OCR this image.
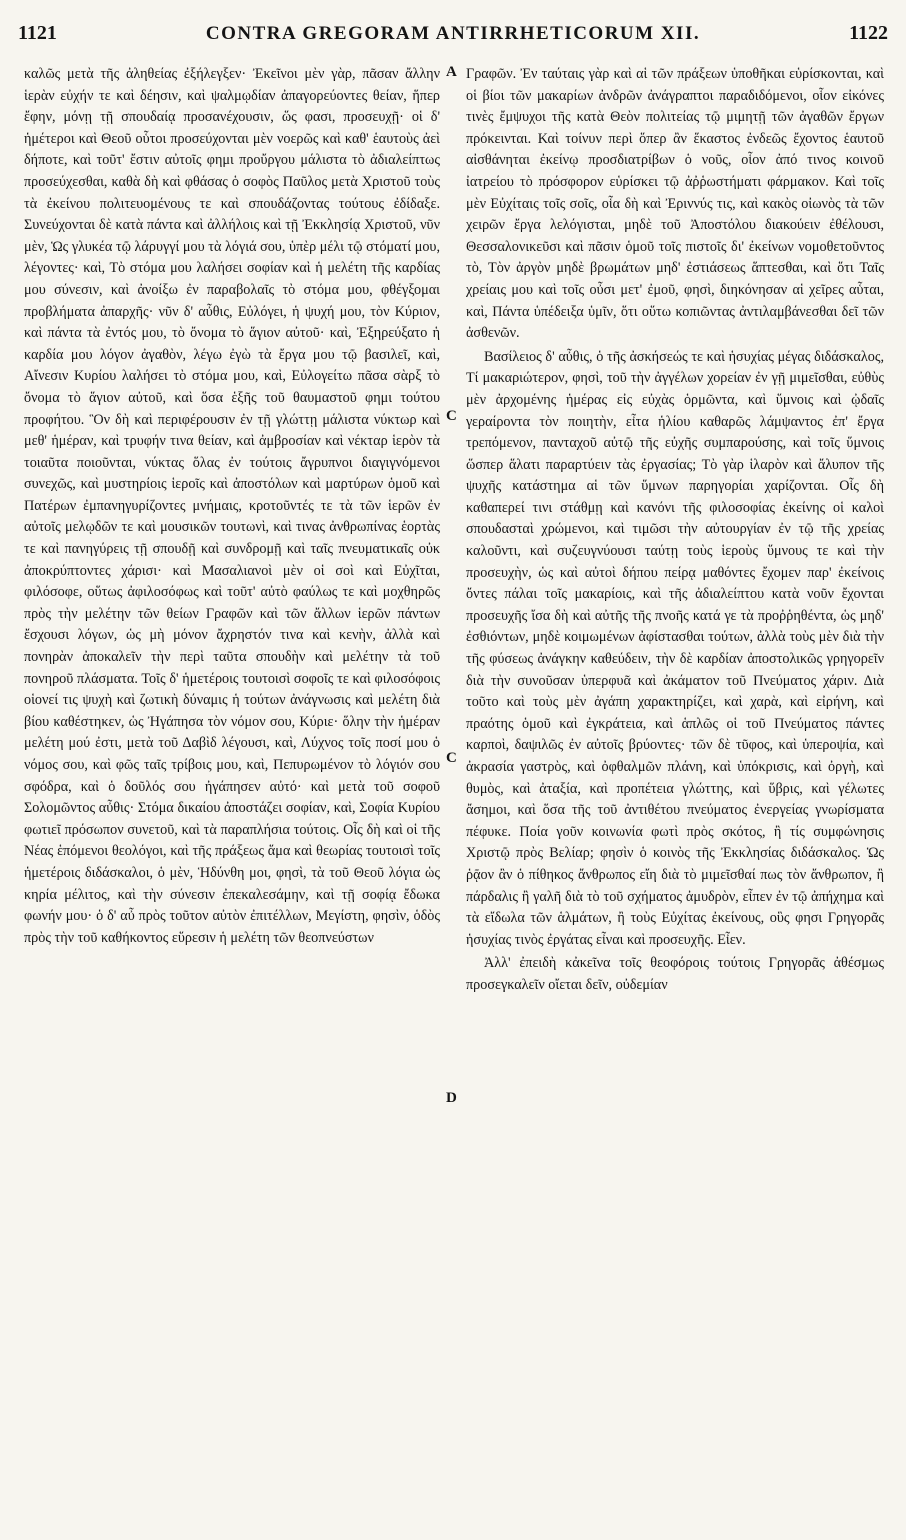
1121	CONTRA GREGORAM ANTIRRHETICORUM XII.	1122

καλῶς μετὰ τῆς ἀληθείας ἐξήλεγξεν· Ἐκεῖνοι μὲν γὰρ, πᾶσαν ἄλλην ἱερὰν εὐχήν τε καὶ δέησιν, καὶ ψαλμῳδίαν ἀπαγορεύοντες θείαν, ἥπερ ἔφην, μόνῃ τῇ σπουδαίᾳ προσανέχουσιν, ὥς φασι, προσευχῇ· οἱ δ' ἡμέτεροι καὶ Θεοῦ οὗτοι προσεύχονται μὲν νοερῶς καὶ καθ' ἑαυτοὺς ἀεὶ δήποτε, καὶ τοῦτ' ἔστιν αὐτοῖς φημι προὔργου μάλιστα τὸ ἀδιαλείπτως προσεύχεσθαι, καθὰ δὴ καὶ φθάσας ὁ σοφὸς Παῦλος μετὰ Χριστοῦ τοὺς τὰ ἐκείνου πολιτευομένους τε καὶ σπουδάζοντας τούτους ἐδίδαξε. Συνεύχονται δὲ κατὰ πάντα καὶ ἀλλήλοις καὶ τῇ Ἐκκλησίᾳ Χριστοῦ, νῦν μὲν, Ὡς γλυκέα τῷ λάρυγγί μου τὰ λόγιά σου, ὑπὲρ μέλι τῷ στόματί μου, λέγοντες· καὶ, Τὸ στόμα μου λαλήσει σοφίαν καὶ ἡ μελέτη τῆς καρδίας μου σύνεσιν, καὶ ἀνοίξω ἐν παραβολαῖς τὸ στόμα μου, φθέγξομαι προβλήματα ἀπαρχῆς· νῦν δ' αὖθις, Εὐλόγει, ἡ ψυχή μου, τὸν Κύριον, καὶ πάντα τὰ ἐντός μου, τὸ ὄνομα τὸ ἅγιον αὐτοῦ· καὶ, Ἐξηρεύξατο ἡ καρδία μου λόγον ἀγαθὸν, λέγω ἐγὼ τὰ ἔργα μου τῷ βασιλεῖ, καὶ, Αἴνεσιν Κυρίου λαλήσει τὸ στόμα μου, καὶ, Εὐλογείτω πᾶσα σὰρξ τὸ ὄνομα τὸ ἅγιον αὐτοῦ, καὶ ὅσα ἑξῆς τοῦ θαυμαστοῦ φημι τούτου προφήτου. Ὃν δὴ καὶ περιφέρουσιν ἐν τῇ γλώττῃ μάλιστα νύκτωρ καὶ μεθ' ἡμέραν, καὶ τρυφήν τινα θείαν, καὶ ἀμβροσίαν καὶ νέκταρ ἱερὸν τὰ τοιαῦτα ποιοῦνται, νύκτας ὅλας ἐν τούτοις ἄγρυπνοι διαγιγνόμενοι συνεχῶς, καὶ μυστηρίοις ἱεροῖς καὶ ἀποστόλων καὶ μαρτύρων ὁμοῦ καὶ Πατέρων ἐμπανηγυρίζοντες μνήμαις, κροτοῦντές τε τὰ τῶν ἱερῶν ἐν αὐτοῖς μελῳδῶν τε καὶ μουσικῶν τουτωνὶ, καὶ τινας ἀνθρωπίνας ἑορτὰς τε καὶ πανηγύρεις τῇ σπουδῇ καὶ συνδρομῇ καὶ ταῖς πνευματικαῖς οὐκ ἀποκρύπτοντες χάρισι· καὶ Μασαλιανοὶ μὲν οἱ σοὶ καὶ Εὐχῖται, φιλόσοφε, οὕτως ἀφιλοσόφως καὶ τοῦτ' αὐτὸ φαύλως τε καὶ μοχθηρῶς πρὸς τὴν μελέτην τῶν θείων Γραφῶν καὶ τῶν ἄλλων ἱερῶν πάντων ἔσχουσι λόγων, ὡς μὴ μόνον ἄχρηστόν τινα καὶ κενὴν, ἀλλὰ καὶ πονηρὰν ἀποκαλεῖν τὴν περὶ ταῦτα σπουδὴν καὶ μελέτην τὰ τοῦ πονηροῦ πλάσματα. Τοῖς δ' ἡμετέροις τουτοισὶ σοφοῖς τε καὶ φιλοσόφοις οἱονεί τις ψυχὴ καὶ ζωτικὴ δύναμις ἡ τούτων ἀνάγνωσις καὶ μελέτη διὰ βίου καθέστηκεν, ὡς Ἠγάπησα τὸν νόμον σου, Κύριε· ὅλην τὴν ἡμέραν μελέτη μού ἐστι, μετὰ τοῦ Δαβὶδ λέγουσι, καὶ, Λύχνος τοῖς ποσί μου ὁ νόμος σου, καὶ φῶς ταῖς τρίβοις μου, καὶ, Πεπυρωμένον τὸ λόγιόν σου σφόδρα, καὶ ὁ δοῦλός σου ἠγάπησεν αὐτό· καὶ μετὰ τοῦ σοφοῦ Σολομῶντος αὖθις· Στόμα δικαίου ἀποστάζει σοφίαν, καὶ, Σοφία Κυρίου φωτιεῖ πρόσωπον συνετοῦ, καὶ τὰ παραπλήσια τούτοις. Οἷς δὴ καὶ οἱ τῆς Νέας ἑπόμενοι θεολόγοι, καὶ τῆς πράξεως ἅμα καὶ θεωρίας τουτοισὶ τοῖς ἡμετέροις διδάσκαλοι, ὁ μὲν, Ἡδύνθη μοι, φησὶ, τὰ τοῦ Θεοῦ λόγια ὡς κηρία μέλιτος, καὶ τὴν σύνεσιν ἐπεκαλεσάμην, καὶ τῇ σοφίᾳ ἔδωκα φωνήν μου· ὁ δ' αὖ πρὸς τοῦτον αὐτὸν ἐπιτέλλων, Μεγίστη, φησὶν, ὁδὸς πρὸς τὴν τοῦ καθήκοντος εὕρεσιν ἡ μελέτη τῶν θεοπνεύστων

A
C
C
D

Γραφῶν. Ἐν ταύταις γὰρ καὶ αἱ τῶν πράξεων ὑποθῆκαι εὑρίσκονται, καὶ οἱ βίοι τῶν μακαρίων ἀνδρῶν ἀνάγραπτοι παραδιδόμενοι, οἷον εἰκόνες τινὲς ἔμψυχοι τῆς κατὰ Θεὸν πολιτείας τῷ μιμητῇ τῶν ἀγαθῶν ἔργων πρόκεινται. Καὶ τοίνυν περὶ ὅπερ ἂν ἕκαστος ἐνδεῶς ἔχοντος ἑαυτοῦ αἰσθάνηται ἐκείνῳ προσδιατρίβων ὁ νοῦς, οἷον ἀπό τινος κοινοῦ ἰατρείου τὸ πρόσφορον εὑρίσκει τῷ ἀῤῥωστήματι φάρμακον. Καὶ τοῖς μὲν Εὐχίταις τοῖς σοῖς, οἷα δὴ καὶ Ἐριννύς τις, καὶ κακὸς οἰωνὸς τὰ τῶν χειρῶν ἔργα λελόγισται, μηδὲ τοῦ Ἀποστόλου διακούειν ἐθέλουσι, Θεσσαλονικεῦσι καὶ πᾶσιν ὁμοῦ τοῖς πιστοῖς δι' ἐκείνων νομοθετοῦντος τὸ, Τὸν ἀργὸν μηδὲ βρωμάτων μηδ' ἐστιάσεως ἅπτεσθαι, καὶ ὅτι Ταῖς χρείαις μου καὶ τοῖς οὖσι μετ' ἐμοῦ, φησὶ, διηκόνησαν αἱ χεῖρες αὗται, καὶ, Πάντα ὑπέδειξα ὑμῖν, ὅτι οὕτω κοπιῶντας ἀντιλαμβάνεσθαι δεῖ τῶν ἀσθενῶν.

Βασίλειος δ' αὖθις, ὁ τῆς ἀσκήσεώς τε καὶ ἡσυχίας μέγας διδάσκαλος, Τί μακαριώτερον, φησὶ, τοῦ τὴν ἀγγέλων χορείαν ἐν γῇ μιμεῖσθαι, εὐθὺς μὲν ἀρχομένης ἡμέρας εἰς εὐχὰς ὁρμῶντα, καὶ ὕμνοις καὶ ᾠδαῖς γεραίροντα τὸν ποιητὴν, εἶτα ἡλίου καθαρῶς λάμψαντος ἐπ' ἔργα τρεπόμενον, πανταχοῦ αὐτῷ τῆς εὐχῆς συμπαρούσης, καὶ τοῖς ὕμνοις ὥσπερ ἅλατι παραρτύειν τὰς ἐργασίας; Τὸ γὰρ ἱλαρὸν καὶ ἄλυπον τῆς ψυχῆς κατάστημα αἱ τῶν ὕμνων παρηγορίαι χαρίζονται. Οἷς δὴ καθαπερεί τινι στάθμῃ καὶ κανόνι τῆς φιλοσοφίας ἐκείνης οἱ καλοὶ σπουδασταὶ χρώμενοι, καὶ τιμῶσι τὴν αὐτουργίαν ἐν τῷ τῆς χρείας καλοῦντι, καὶ συζευγνύουσι ταύτῃ τοὺς ἱεροὺς ὕμνους τε καὶ τὴν προσευχὴν, ὡς καὶ αὐτοὶ δήπου πείρᾳ μαθόντες ἔχομεν παρ' ἐκείνοις ὄντες πάλαι τοῖς μακαρίοις, καὶ τῆς ἀδιαλείπτου κατὰ νοῦν ἔχονται προσευχῆς ἴσα δὴ καὶ αὐτῆς τῆς πνοῆς κατά γε τὰ προῤῥηθέντα, ὡς μηδ' ἐσθιόντων, μηδὲ κοιμωμένων ἀφίστασθαι τούτων, ἀλλὰ τοὺς μὲν διὰ τὴν τῆς φύσεως ἀνάγκην καθεύδειν, τὴν δὲ καρδίαν ἀποστολικῶς γρηγορεῖν διὰ τὴν συνοῦσαν ὑπερφυᾶ καὶ ἀκάματον τοῦ Πνεύματος χάριν. Διὰ τοῦτο καὶ τοὺς μὲν ἀγάπη χαρακτηρίζει, καὶ χαρὰ, καὶ εἰρήνη, καὶ πραότης ὁμοῦ καὶ ἐγκράτεια, καὶ ἁπλῶς οἱ τοῦ Πνεύματος πάντες καρποὶ, δαψιλῶς ἐν αὐτοῖς βρύοντες· τῶν δὲ τῦφος, καὶ ὑπεροψία, καὶ ἀκρασία γαστρὸς, καὶ ὀφθαλμῶν πλάνη, καὶ ὑπόκρισις, καὶ ὀργὴ, καὶ θυμὸς, καὶ ἀταξία, καὶ προπέτεια γλώττης, καὶ ὕβρις, καὶ γέλωτες ἄσημοι, καὶ ὅσα τῆς τοῦ ἀντιθέτου πνεύματος ἐνεργείας γνωρίσματα πέφυκε. Ποία γοῦν κοινωνία φωτὶ πρὸς σκότος, ἢ τίς συμφώνησις Χριστῷ πρὸς Βελίαρ; φησὶν ὁ κοινὸς τῆς Ἐκκλησίας διδάσκαλος. Ὡς ῥᾷον ἂν ὁ πίθηκος ἄνθρωπος εἴη διὰ τὸ μιμεῖσθαί πως τὸν ἄνθρωπον, ἢ πάρδαλις ἢ γαλῆ διὰ τὸ τοῦ σχήματος ἀμυδρὸν, εἶπεν ἐν τῷ ἀπήχημα καὶ τὰ εἴδωλα τῶν ἁλμάτων, ἢ τοὺς Εὐχίτας ἐκείνους, οὓς φησι Γρηγορᾶς ἡσυχίας τινὸς ἐργάτας εἶναι καὶ προσευχῆς. Εἶεν.

Ἀλλ' ἐπειδὴ κἀκεῖνα τοῖς θεοφόροις τούτοις Γρηγορᾶς ἀθέσμως προσεγκαλεῖν οἴεται δεῖν, οὐδεμίαν
